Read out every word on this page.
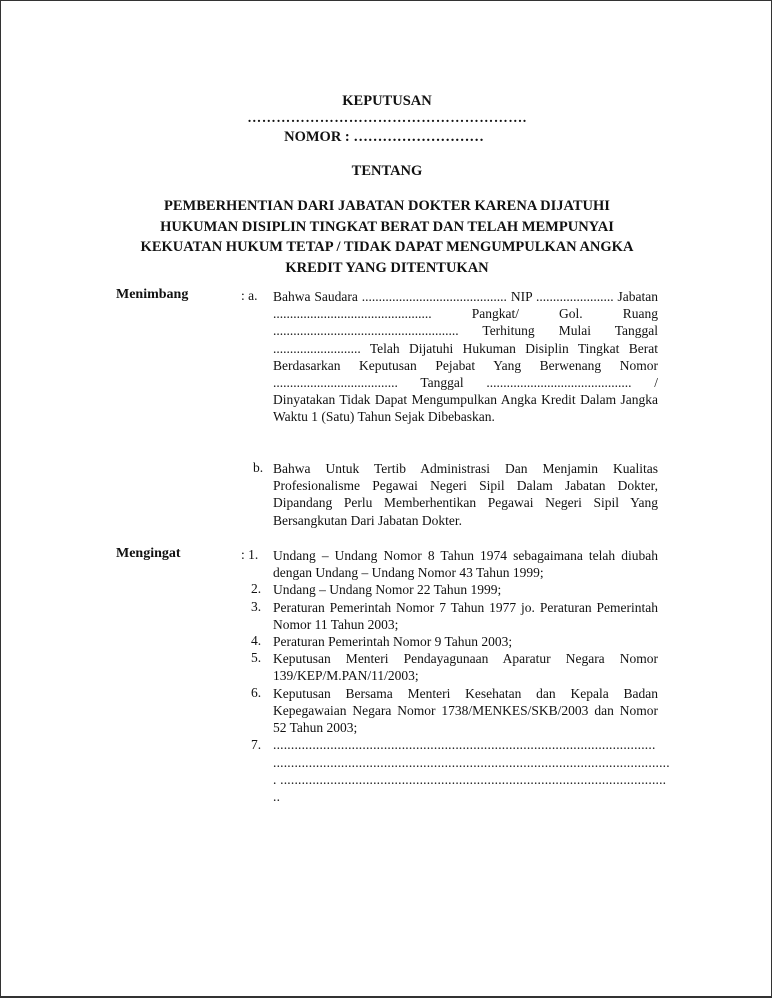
KEPUTUSAN
………………………………………………….
NOMOR : ………………………
TENTANG
PEMBERHENTIAN DARI JABATAN DOKTER KARENA DIJATUHI
HUKUMAN DISIPLIN TINGKAT BERAT DAN TELAH MEMPUNYAI
KEKUATAN HUKUM TETAP / TIDAK DAPAT MENGUMPULKAN ANGKA
KREDIT YANG DITENTUKAN
Menimbang	: a. Bahwa Saudara ........................................... NIP ....................... Jabatan ............................................... Pangkat/ Gol. Ruang ....................................................... Terhitung Mulai Tanggal .......................... Telah Dijatuhi Hukuman Disiplin Tingkat Berat Berdasarkan Keputusan Pejabat Yang Berwenang Nomor ..................................... Tanggal ........................................... / Dinyatakan Tidak Dapat Mengumpulkan Angka Kredit Dalam Jangka Waktu 1 (Satu) Tahun Sejak Dibebaskan.
b. Bahwa Untuk Tertib Administrasi Dan Menjamin Kualitas Profesionalisme Pegawai Negeri Sipil Dalam Jabatan Dokter, Dipandang Perlu Memberhentikan Pegawai Negeri Sipil Yang Bersangkutan Dari Jabatan Dokter.
Mengingat	: 1. Undang – Undang Nomor 8 Tahun 1974 sebagaimana telah diubah dengan Undang – Undang Nomor 43 Tahun 1999;
2. Undang – Undang Nomor 22 Tahun 1999;
3. Peraturan Pemerintah Nomor 7 Tahun 1977 jo. Peraturan Pemerintah Nomor 11 Tahun 2003;
4. Peraturan Pemerintah Nomor 9 Tahun 2003;
5. Keputusan Menteri Pendayagunaan Aparatur Negara Nomor 139/KEP/M.PAN/11/2003;
6. Keputusan Bersama Menteri Kesehatan dan Kepala Badan Kepegawaian Negara Nomor 1738/MENKES/SKB/2003 dan Nomor 52 Tahun 2003;
7. ...........................................................................................................
...............................................................................................................
. ............................................................................................................
..
